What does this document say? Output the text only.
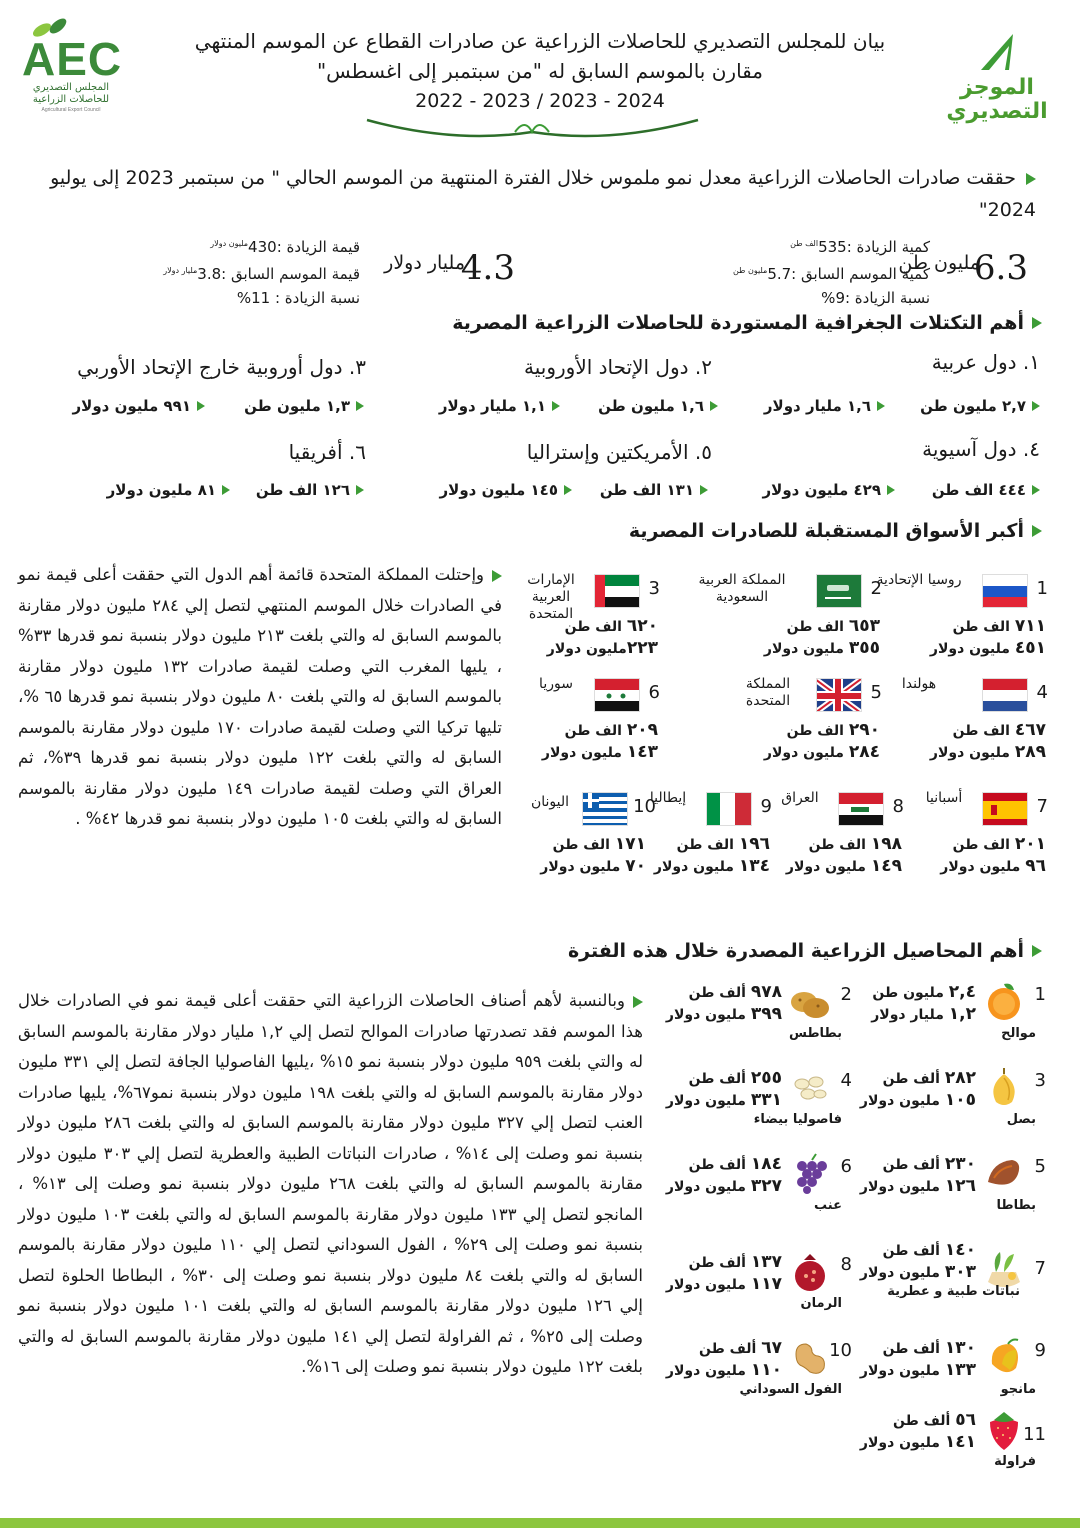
الموجز
التصديري
AEC
المجلس التصديري
للحاصلات الزراعية
Agricultural Export Council
بيان للمجلس التصديري للحاصلات الزراعية عن صادرات القطاع عن الموسم المنتهي
مقارن بالموسم السابق له "من سبتمبر إلى اغسطس"
2022 - 2023 / 2023 - 2024
حققت صادرات الحاصلات الزراعية معدل نمو ملموس خلال الفترة المنتهية من الموسم الحالي " من سبتمبر 2023 إلى يوليو 2024"
كمية الزيادة $:535^{الف طن}$
كمية الموسم السابق $:5.7^{مليون طن}$
نسبة الزيادة :9%
مليون طن
6.3
قيمة الزيادة $:430^{مليون دولار}$
قيمة الموسم السابق $:3.8^{مليار دولار}$
نسبة الزيادة : 11%
مليار دولار
4.3
أهم التكتلات الجغرافية المستوردة للحاصلات الزراعية المصرية
١. دول عربية
٢. دول الإتحاد الأوروبية
٣. دول أوروبية خارج الإتحاد الأوربي
٢,٧ مليون طن
١,٦ مليار دولار
١,٦ مليون طن
١,١ مليار دولار
١,٣ مليون طن
٩٩١ مليون دولار
٤. دول آسيوية
٥. الأمريكتين وإستراليا
٦. أفريقيا
٤٤٤ الف طن
٤٢٩ مليون دولار
١٣١ الف طن
١٤٥ مليون دولار
١٢٦ الف طن
٨١ مليون دولار
أكبر الأسواق المستقبلة للصادرات المصرية
1
روسيا الإتحادية
٧١١ الف طن
٤٥١ مليون دولار
2
المملكة العربية السعودية
٦٥٣ الف طن
٣٥٥ مليون دولار
3
الإمارات العربية المتحدة
٦٢٠ الف طن
٢٢٣مليون دولار
4
هولندا
٤٦٧ الف طن
٢٨٩ مليون دولار
5
المملكة المتحدة
٢٩٠ الف طن
٢٨٤ مليون دولار
6
سوريا
٢٠٩ الف طن
١٤٣ مليون دولار
7
أسبانيا
٢٠١ الف طن
٩٦ مليون دولار
8
العراق
١٩٨ الف طن
١٤٩ مليون دولار
9
إيطاليا
١٩٦ الف طن
١٣٤ مليون دولار
10
اليونان
١٧١ الف طن
٧٠ مليون دولار
وإحتلت المملكة المتحدة قائمة أهم الدول التي حققت أعلى قيمة نمو في الصادرات خلال الموسم المنتهي لتصل إلي ٢٨٤ مليون دولار مقارنة بالموسم السابق له والتي بلغت ٢١٣ مليون دولار بنسبة نمو قدرها ٣٣% ، يليها المغرب التي وصلت لقيمة صادرات ١٣٢ مليون دولار مقارنة بالموسم السابق له والتي بلغت ٨٠ مليون دولار بنسبة نمو قدرها ٦٥ %، تليها تركيا التي وصلت لقيمة صادرات ١٧٠ مليون دولار مقارنة بالموسم السابق له والتي بلغت ١٢٢ مليون دولار بنسبة نمو قدرها ٣٩%، ثم العراق التي وصلت لقيمة صادرات ١٤٩ مليون دولار مقارنة بالموسم السابق له والتي بلغت ١٠٥ مليون دولار بنسبة نمو قدرها ٤٢% .
أهم المحاصيل الزراعية المصدرة خلال هذه الفترة
1
٢,٤ مليون طن
١,٢ مليار دولار
موالح
2
٩٧٨ ألف طن
٣٩٩ مليون دولار
بطاطس
3
٢٨٢ ألف طن
١٠٥ مليون دولار
بصل
4
٢٥٥ ألف طن
٣٣١ مليون دولار
فاصوليا بيضاء
5
٢٣٠ ألف طن
١٢٦ مليون دولار
بطاطا
6
١٨٤ ألف طن
٣٢٧ مليون دولار
عنب
7
١٤٠ ألف طن
٣٠٣ مليون دولار
نباتات طبية و عطرية
8
١٣٧ ألف طن
١١٧ مليون دولار
الرمان
9
١٣٠ ألف طن
١٣٣ مليون دولار
مانجو
10
٦٧ ألف طن
١١٠ مليون دولار
الفول السوداني
11
٥٦ ألف طن
١٤١ مليون دولار
فراولة
وبالنسبة لأهم أصناف الحاصلات الزراعية التي حققت أعلى قيمة نمو في الصادرات خلال هذا الموسم فقد تصدرتها صادرات الموالح لتصل إلي ١,٢ مليار دولار مقارنة بالموسم السابق له والتي بلغت ٩٥٩ مليون دولار بنسبة نمو ١٥% ،يليها الفاصوليا الجافة لتصل إلي ٣٣١ مليون دولار مقارنة بالموسم السابق له والتي بلغت ١٩٨ مليون دولار بنسبة نمو٦٧%، يليها صادرات العنب لتصل إلي ٣٢٧ مليون دولار مقارنة بالموسم السابق له والتي بلغت ٢٨٦ مليون دولار بنسبة نمو وصلت إلى ١٤% ، صادرات النباتات الطبية والعطرية لتصل إلي ٣٠٣ مليون دولار مقارنة بالموسم السابق له والتي بلغت ٢٦٨ مليون دولار بنسبة نمو وصلت إلى ١٣% ، المانجو لتصل إلي ١٣٣ مليون دولار مقارنة بالموسم السابق له والتي بلغت ١٠٣ مليون دولار بنسبة نمو وصلت إلى ٢٩% ، الفول السوداني لتصل إلي ١١٠ مليون دولار مقارنة بالموسم السابق له والتي بلغت ٨٤ مليون دولار بنسبة نمو وصلت إلى ٣٠% ، البطاطا الحلوة لتصل إلي ١٢٦ مليون دولار مقارنة بالموسم السابق له والتي بلغت ١٠١ مليون دولار بنسبة نمو وصلت إلى ٢٥% ، ثم الفراولة لتصل إلي ١٤١ مليون دولار مقارنة بالموسم السابق له والتي بلغت ١٢٢ مليون دولار بنسبة نمو وصلت إلى ١٦%.
